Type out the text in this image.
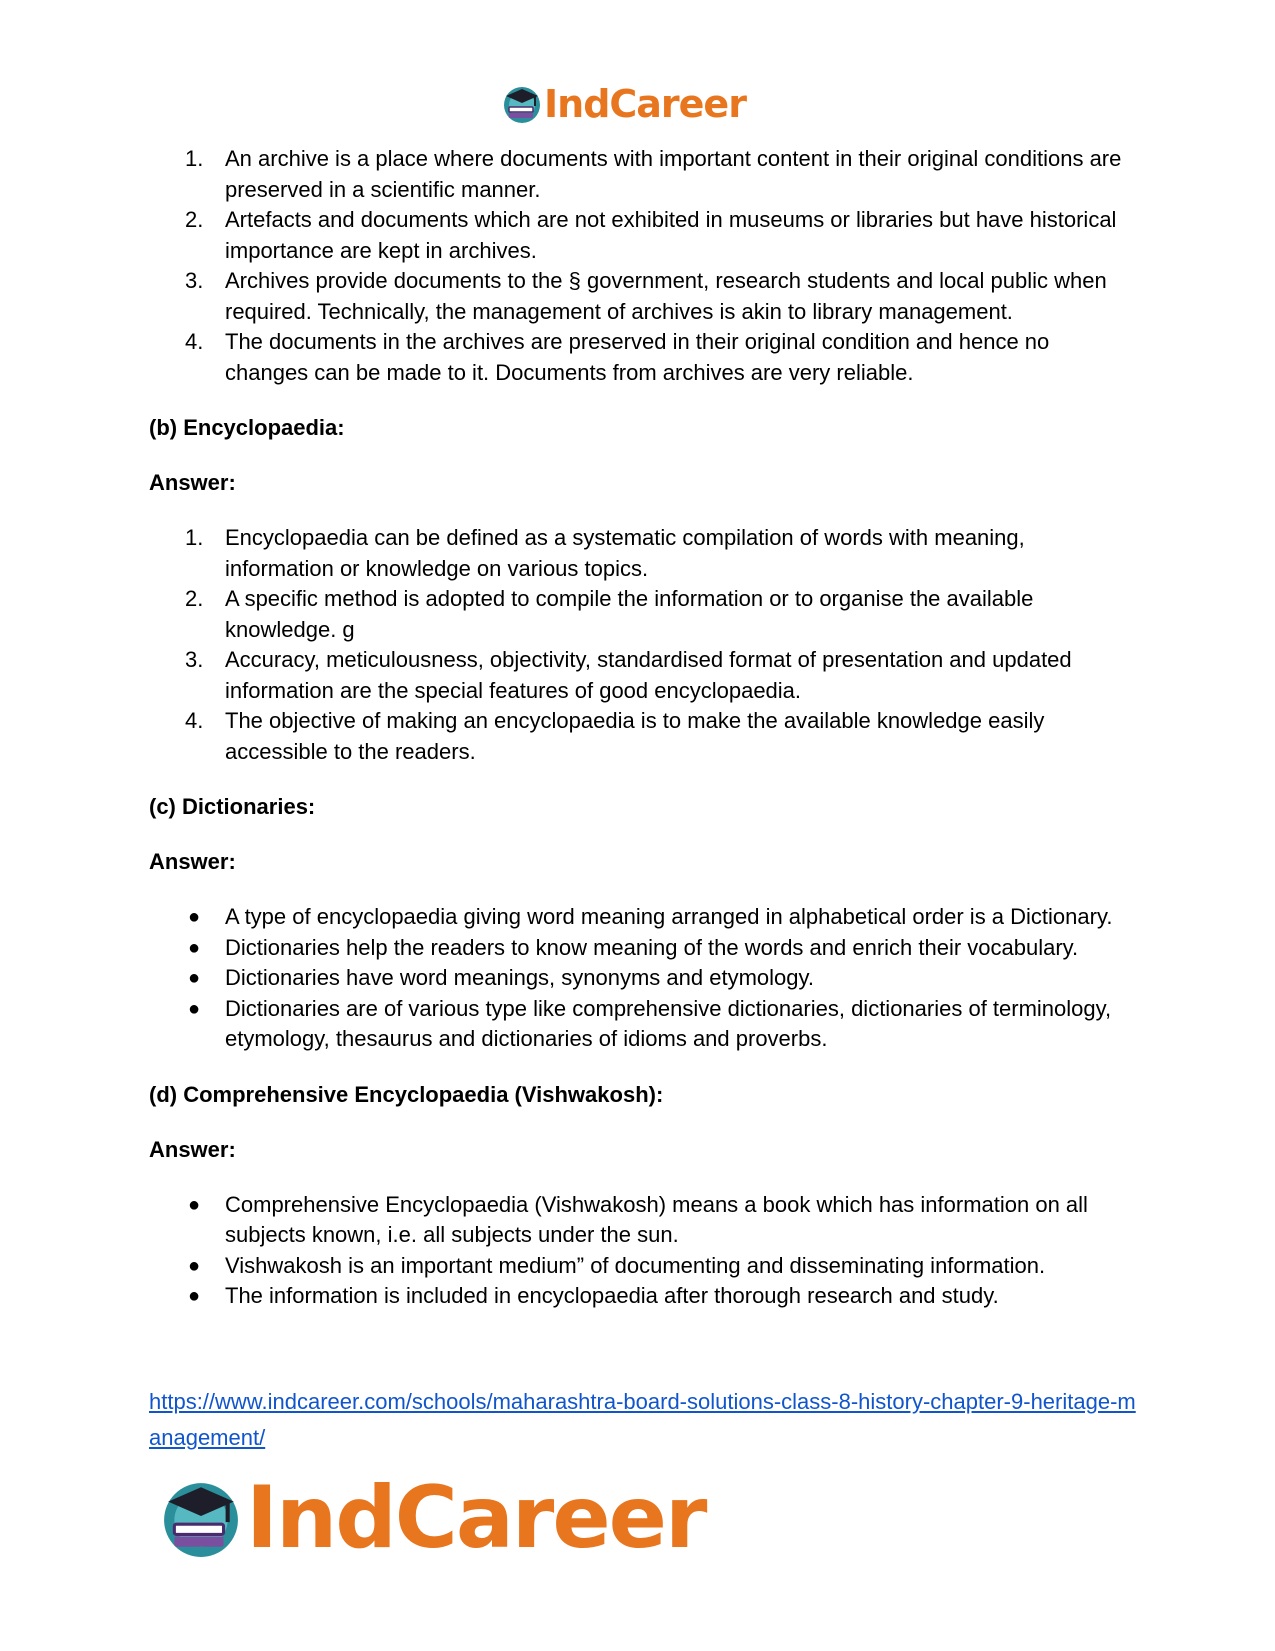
IndCareer
1. An archive is a place where documents with important content in their original conditions are preserved in a scientific manner.
2. Artefacts and documents which are not exhibited in museums or libraries but have historical importance are kept in archives.
3. Archives provide documents to the § government, research students and local public when required. Technically, the management of archives is akin to library management.
4. The documents in the archives are preserved in their original condition and hence no changes can be made to it. Documents from archives are very reliable.

(b) Encyclopaedia:

Answer:

1. Encyclopaedia can be defined as a systematic compilation of words with meaning, information or knowledge on various topics.
2. A specific method is adopted to compile the information or to organise the available knowledge. g
3. Accuracy, meticulousness, objectivity, standardised format of presentation and updated information are the special features of good encyclopaedia.
4. The objective of making an encyclopaedia is to make the available knowledge easily accessible to the readers.

(c) Dictionaries:

Answer:

● A type of encyclopaedia giving word meaning arranged in alphabetical order is a Dictionary.
● Dictionaries help the readers to know meaning of the words and enrich their vocabulary.
● Dictionaries have word meanings, synonyms and etymology.
● Dictionaries are of various type like comprehensive dictionaries, dictionaries of terminology, etymology, thesaurus and dictionaries of idioms and proverbs.

(d) Comprehensive Encyclopaedia (Vishwakosh):

Answer:

● Comprehensive Encyclopaedia (Vishwakosh) means a book which has information on all subjects known, i.e. all subjects under the sun.
● Vishwakosh is an important medium” of documenting and disseminating information.
● The information is included in encyclopaedia after thorough research and study.
https://www.indcareer.com/schools/maharashtra-board-solutions-class-8-history-chapter-9-heritage-management/
IndCareer
